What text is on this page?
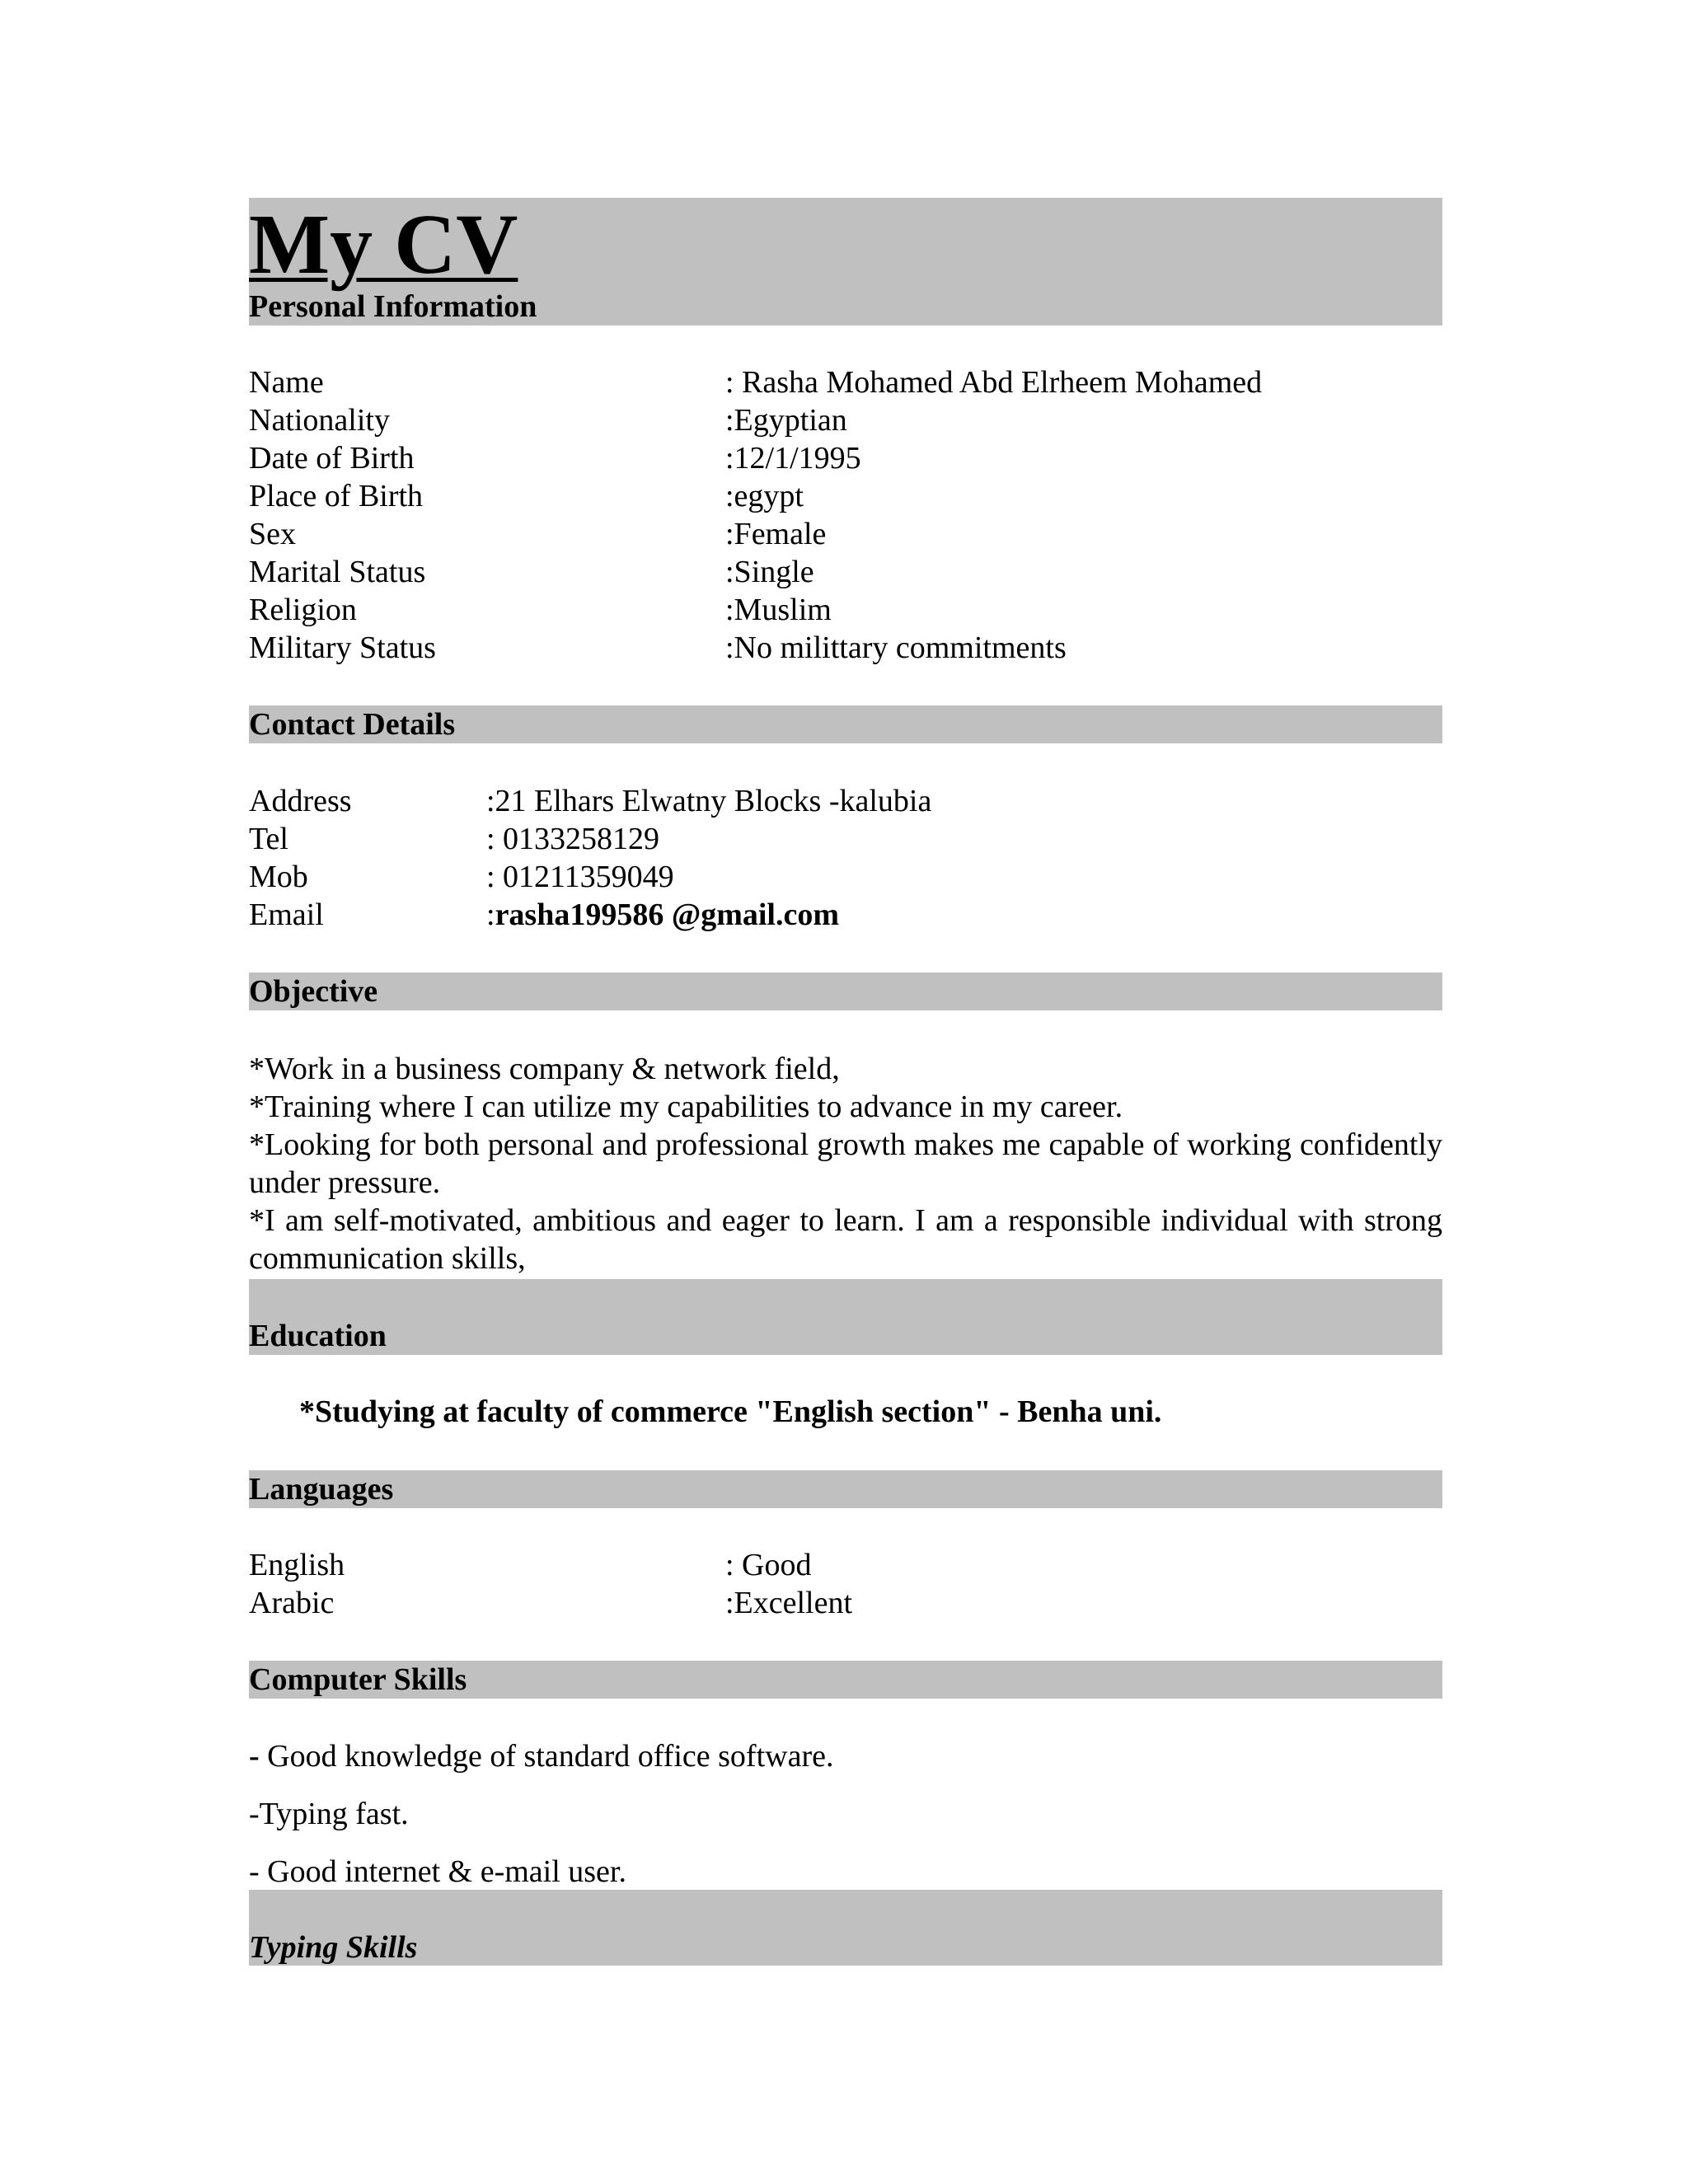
My CV
Personal Information
Name	: Rasha Mohamed Abd Elrheem Mohamed
Nationality	:Egyptian
Date of Birth	:12/1/1995
Place of Birth	:egypt
Sex	:Female
Marital Status	:Single
Religion	:Muslim
Military Status	:No milittary commitments
Contact Details
Address	:21 Elhars Elwatny Blocks -kalubia
Tel	: 0133258129
Mob	: 01211359049
Email	:rasha199586 @gmail.com
Objective

*Work in a business company & network field,

*Training where I can utilize my capabilities to advance in my career.

*Looking for both personal and professional growth makes me capable of working confidently under pressure.

*I am self-motivated, ambitious and eager to learn. I am a responsible individual with strong communication skills,

Education
*Studying at faculty of commerce "English section" - Benha uni.
Languages
English	: Good
Arabic	:Excellent
Computer Skills
- Good knowledge of standard office software.
-Typing fast.
- Good internet & e-mail user.
Typing Skills
